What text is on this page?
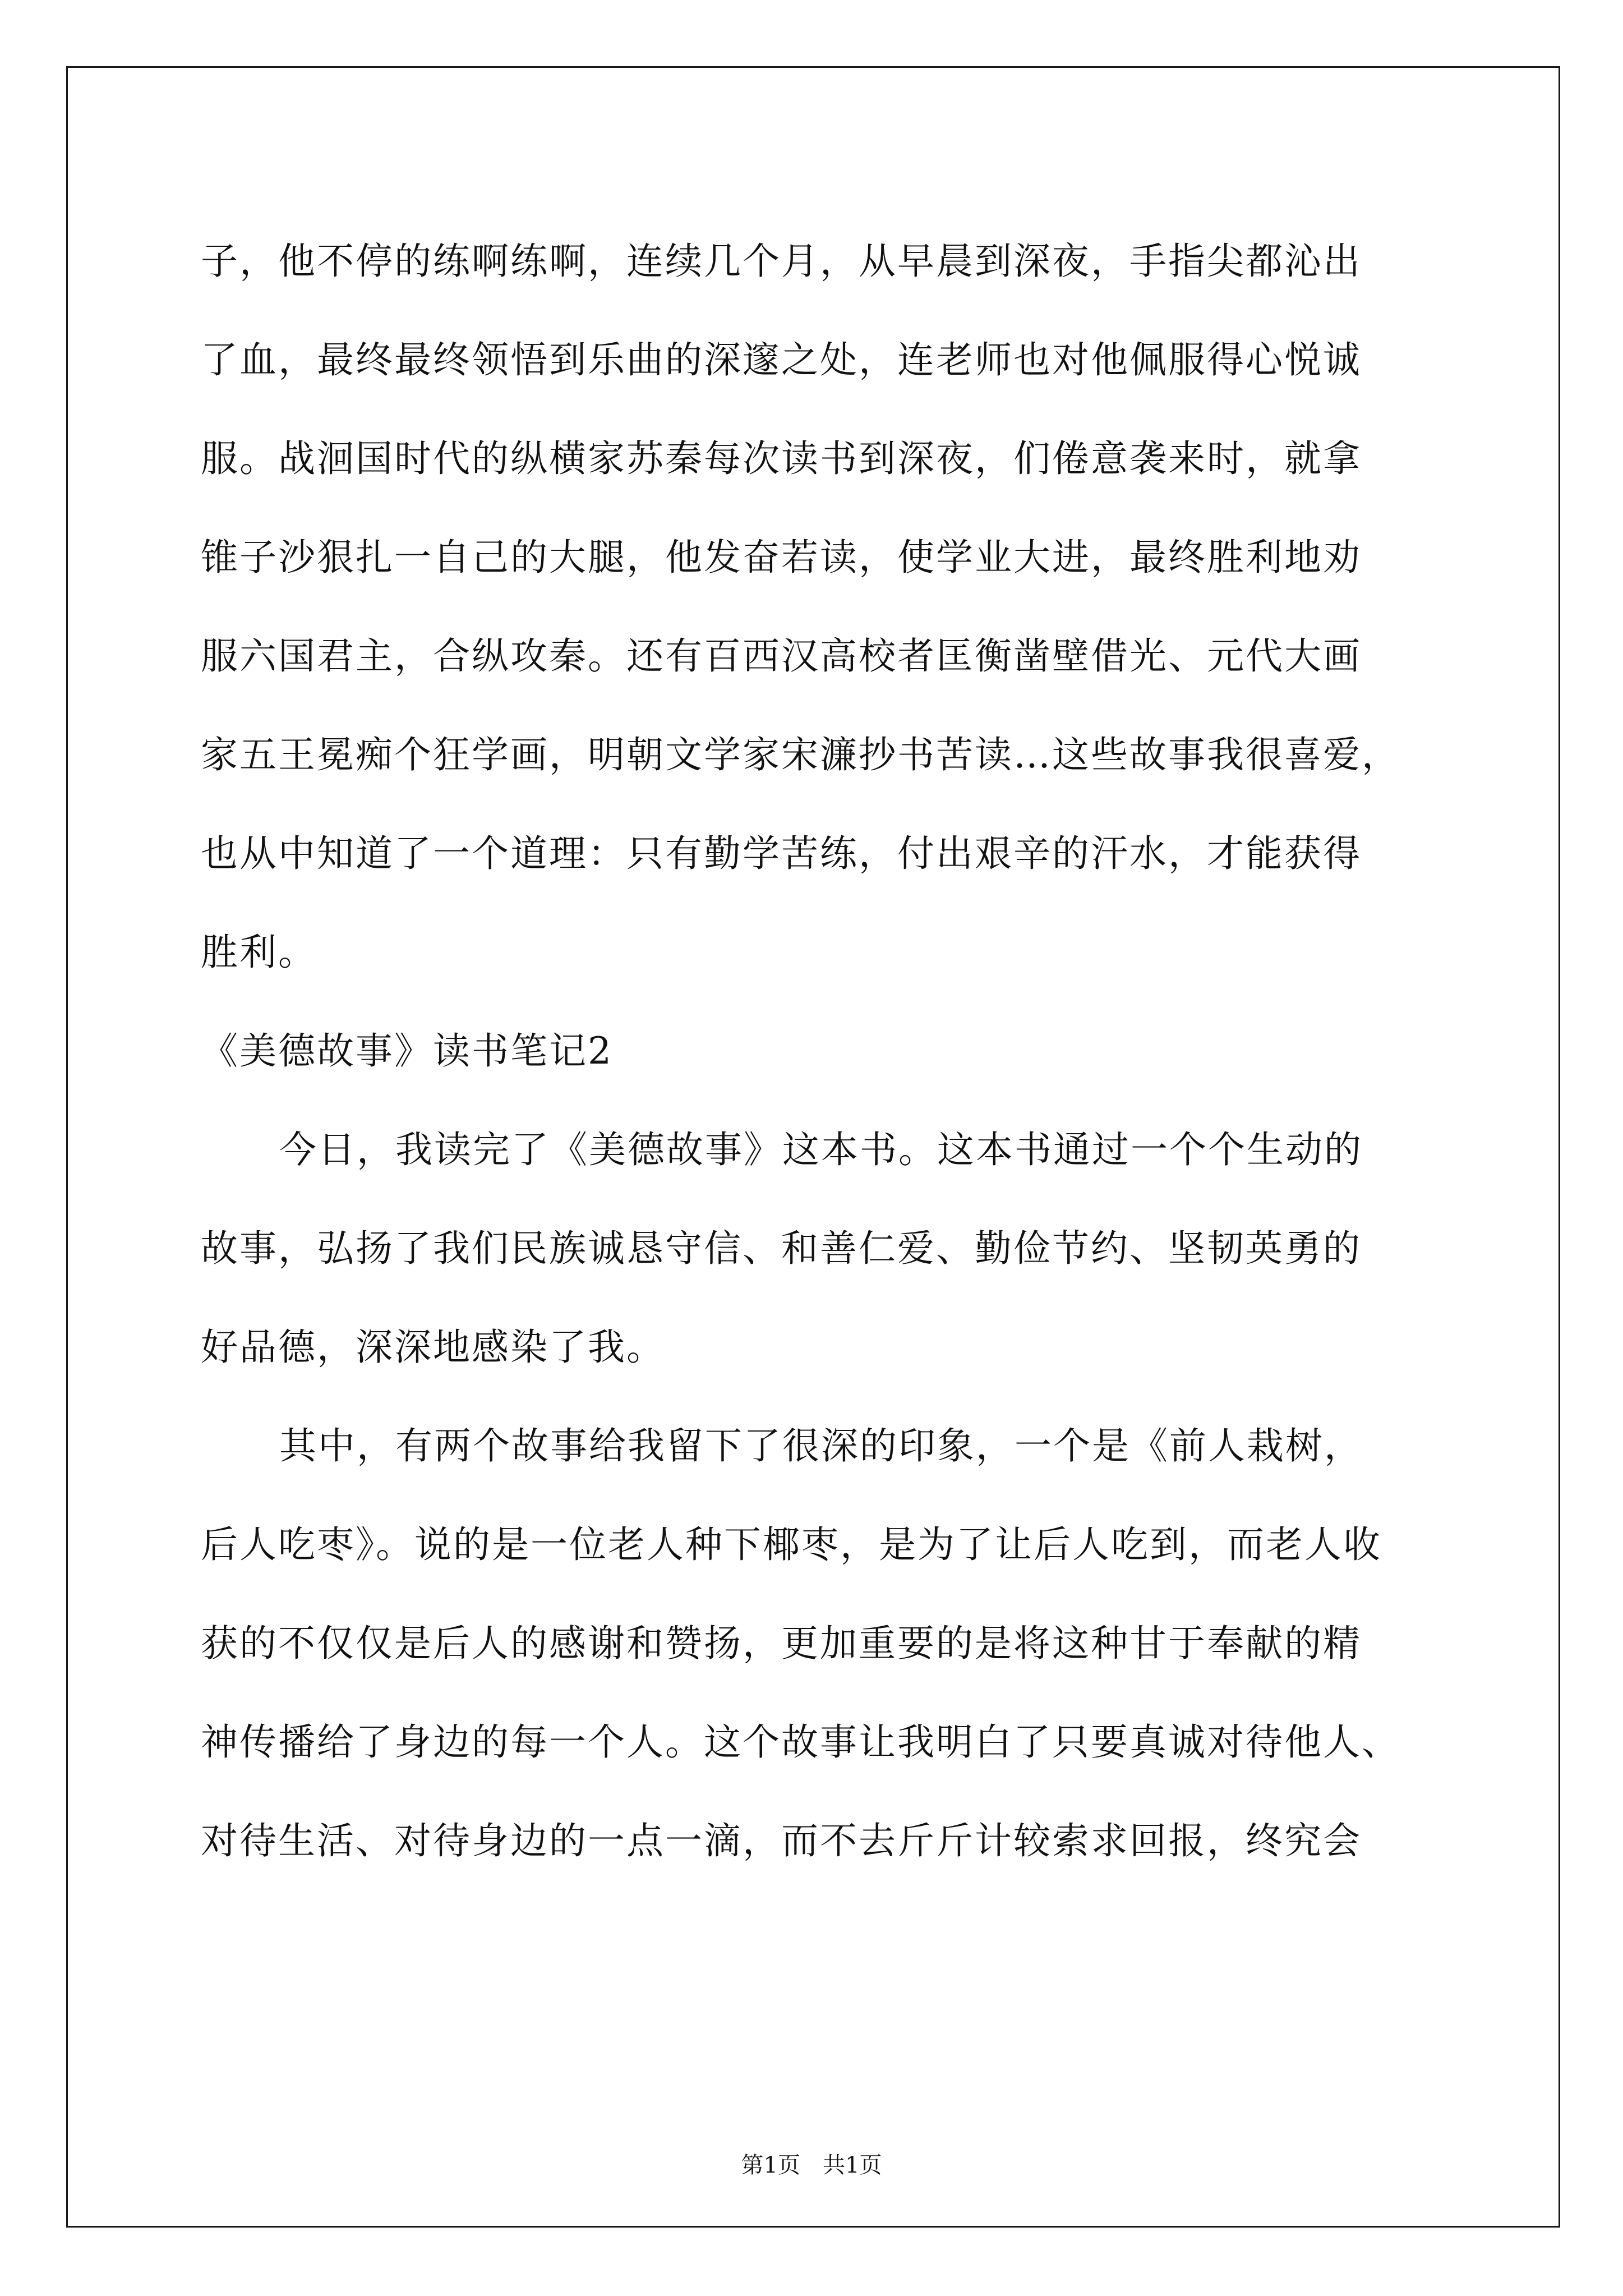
子，他不停的练啊练啊，连续几个月，从早晨到深夜，手指尖都沁出
了血，最终最终领悟到乐曲的深邃之处，连老师也对他佩服得心悦诚
服。战洄国时代的纵横家苏秦每次读书到深夜，们倦意袭来时，就拿
锥子沙狠扎一自己的大腿，他发奋若读，使学业大进，最终胜利地劝
服六国君主，合纵攻秦。还有百西汉高校者匡衡凿壁借光、元代大画
家五王冕痴个狂学画，明朝文学家宋濂抄书苦读…这些故事我很喜爱，
也从中知道了一个道理：只有勤学苦练，付出艰辛的汗水，才能获得
胜利。
《美德故事》读书笔记2
今日，我读完了《美德故事》这本书。这本书通过一个个生动的
故事，弘扬了我们民族诚恳守信、和善仁爱、勤俭节约、坚韧英勇的
好品德，深深地感染了我。
其中，有两个故事给我留下了很深的印象，一个是《前人栽树，
后人吃枣》。说的是一位老人种下椰枣，是为了让后人吃到，而老人收
获的不仅仅是后人的感谢和赞扬，更加重要的是将这种甘于奉献的精
神传播给了身边的每一个人。这个故事让我明白了只要真诚对待他人、
对待生活、对待身边的一点一滴，而不去斤斤计较索求回报，终究会
第1页 共1页
